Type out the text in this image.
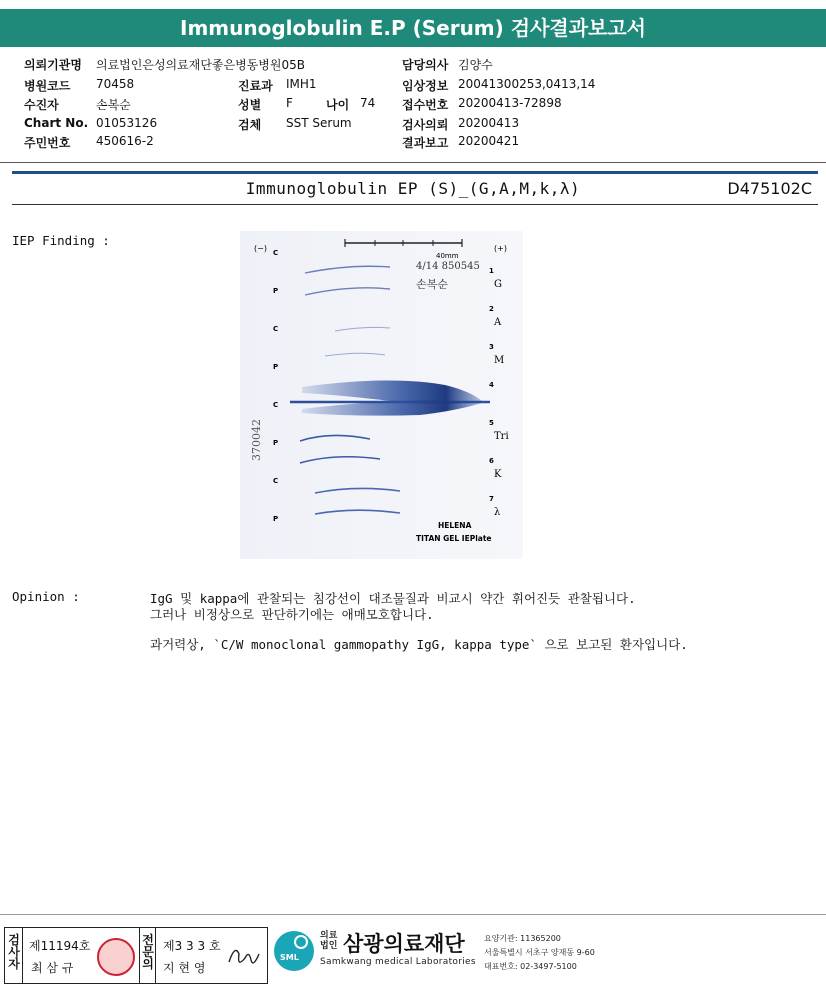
Immunoglobulin E.P (Serum) 검사결과보고서
의뢰기관명 의료법인은성의료재단좋은병동병원05B
병원코드 70458
수진자	손복순
Chart No. 01053126
주민번호 450616-2
진료과 IMH1
성별 F	나이 74
검체 SST Serum
담당의사 김양수
임상정보 20041300253,0413,14
접수번호 20200413-72898
검사의뢰 20200413
결과보고 20200421
Immunoglobulin EP (S)_(G,A,M,k,λ)	D475102C
IEP Finding :
40mm
(−)	(+)
4/14 850545
손복순
370042
C
P
C
P
C
P
C
P
1
G
2
A
3
M
4
5
Tri
6
K
7
λ
HELENA
TITAN GEL IEPlate
Opinion :	IgG 및 kappa에 관찰되는 침강선이 대조물질과 비교시 약간 휘어진듯 관찰됩니다.
그러나 비정상으로 판단하기에는 애매모호합니다.
과거력상, `C/W monoclonal gammopathy IgG, kappa type` 으로 보고된 환자입니다.
검사자
제11194호
최 삼 규
전문의
제3 3 3 호
지 현 영
SML
의료법인 삼광의료재단
Samkwang medical Laboratories
요양기관: 11365200
서울특별시 서초구 양재동 9-60
대표번호: 02-3497-5100
